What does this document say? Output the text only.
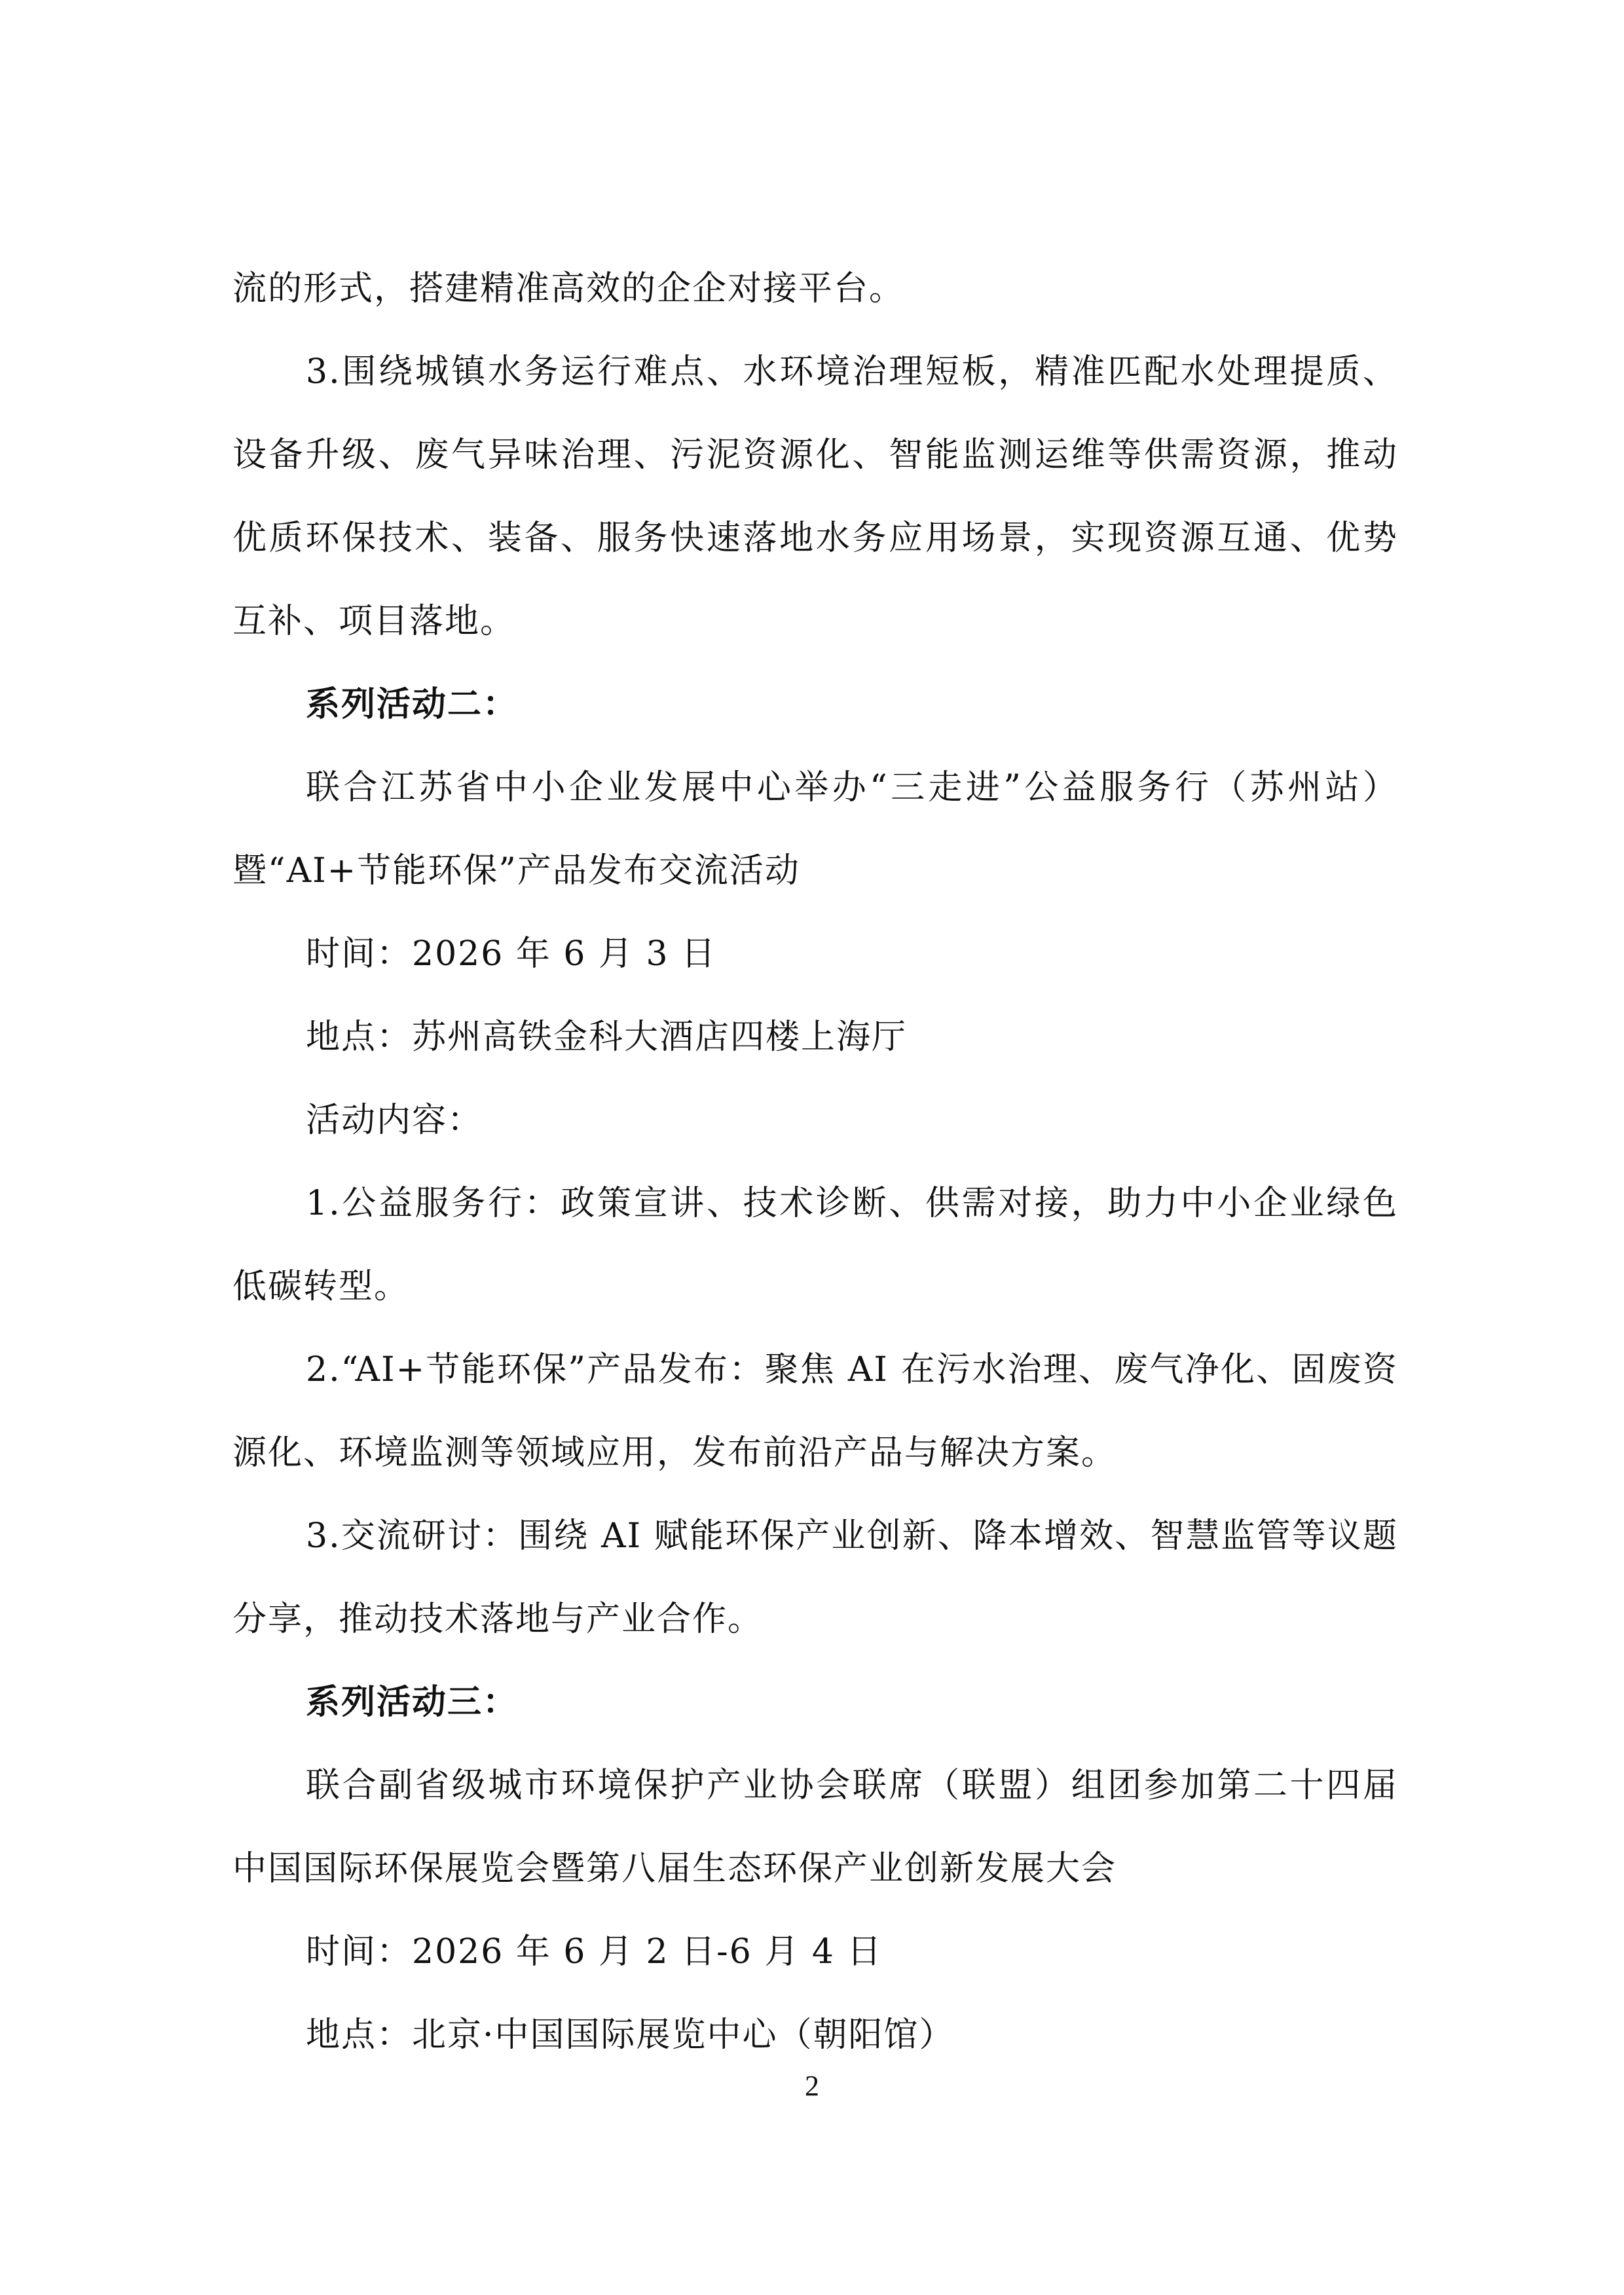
流的形式，搭建精准高效的企企对接平台。

3.围绕城镇水务运行难点、水环境治理短板，精准匹配水处理提质、设备升级、废气异味治理、污泥资源化、智能监测运维等供需资源，推动优质环保技术、装备、服务快速落地水务应用场景，实现资源互通、优势互补、项目落地。

系列活动二：

联合江苏省中小企业发展中心举办“三走进”公益服务行（苏州站）暨“AI+节能环保”产品发布交流活动

时间：2026 年 6 月 3 日

地点：苏州高铁金科大酒店四楼上海厅

活动内容：

1.公益服务行：政策宣讲、技术诊断、供需对接，助力中小企业绿色低碳转型。

2.“AI+节能环保”产品发布：聚焦 AI 在污水治理、废气净化、固废资源化、环境监测等领域应用，发布前沿产品与解决方案。

3.交流研讨：围绕 AI 赋能环保产业创新、降本增效、智慧监管等议题分享，推动技术落地与产业合作。

系列活动三：

联合副省级城市环境保护产业协会联席（联盟）组团参加第二十四届中国国际环保展览会暨第八届生态环保产业创新发展大会

时间：2026 年 6 月 2 日-6 月 4 日

地点：北京·中国国际展览中心（朝阳馆）

2
